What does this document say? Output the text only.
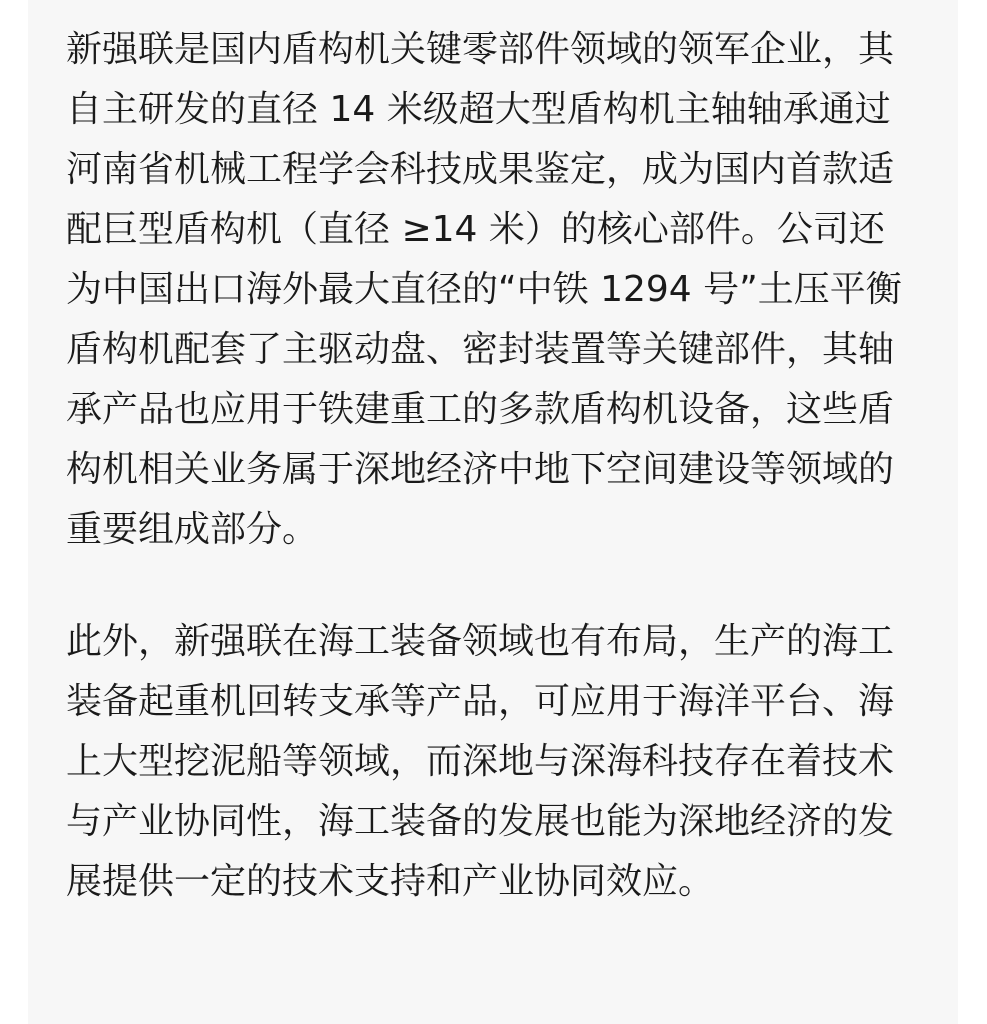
新强联是国内盾构机关键零部件领域的领军企业，其自主研发的直径 14 米级超大型盾构机主轴轴承通过河南省机械工程学会科技成果鉴定，成为国内首款适配巨型盾构机（直径 ≥14 米）的核心部件。公司还为中国出口海外最大直径的“中铁 1294 号”土压平衡盾构机配套了主驱动盘、密封装置等关键部件，其轴承产品也应用于铁建重工的多款盾构机设备，这些盾构机相关业务属于深地经济中地下空间建设等领域的重要组成部分。

此外，新强联在海工装备领域也有布局，生产的海工装备起重机回转支承等产品，可应用于海洋平台、海上大型挖泥船等领域，而深地与深海科技存在着技术与产业协同性，海工装备的发展也能为深地经济的发展提供一定的技术支持和产业协同效应。
